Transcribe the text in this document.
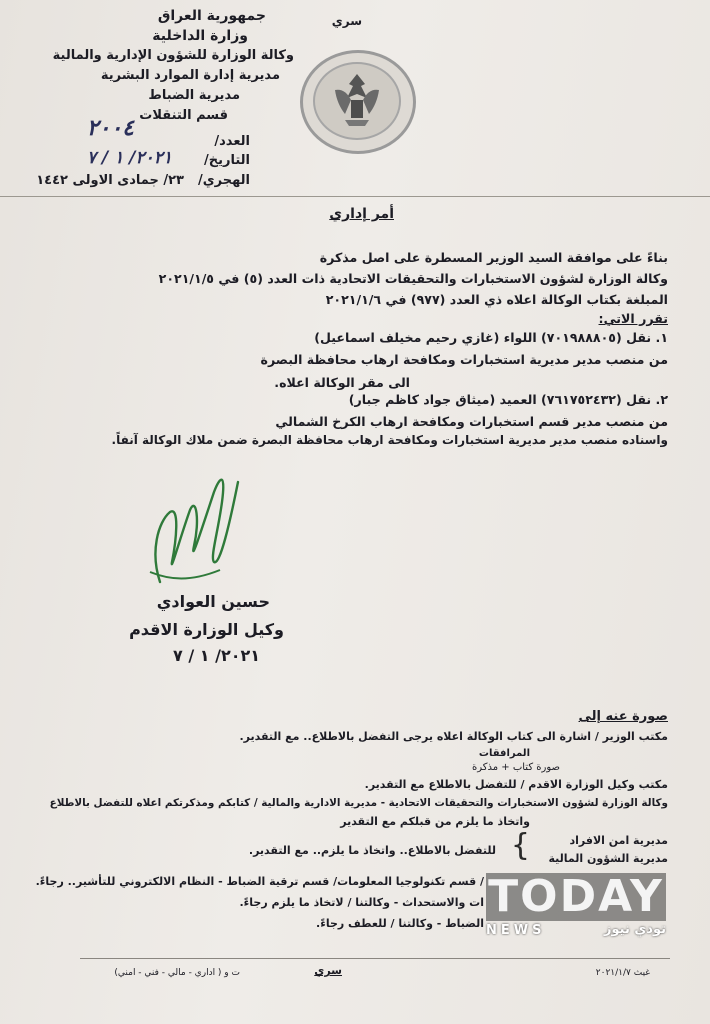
جمهورية العراق
وزارة الداخلية
وكالة الوزارة للشؤون الإدارية والمالية
مديرية إدارة الموارد البشرية
مديرية الضباط
قسم التنقلات
العدد/
٢٠٠٤
التاريخ/
٢٠٢١/ ١ / ٧
الهجري/
٢٣/ جمادى الاولى ١٤٤٢
سري
أمر إداري
بناءً على موافقة السيد الوزير المسطرة على اصل مذكرة
وكالة الوزارة لشؤون الاستخبارات والتحقيقات الاتحادية ذات العدد (٥) في ٢٠٢١/١/٥
المبلغة بكتاب الوكالة اعلاه ذي العدد (٩٧٧) في ٢٠٢١/١/٦
تقرر الاتي:
١. نقل (٧٠١٩٨٨٨٠٥) اللواء (غازي رحيم مخيلف اسماعيل)
من منصب مدير مديرية استخبارات ومكافحة ارهاب محافظة البصرة
الى مقر الوكالة اعلاه.
٢. نقل (٧٦١٧٥٢٤٣٢) العميد (ميثاق جواد كاظم جبار)
من منصب مدير قسم استخبارات ومكافحة ارهاب الكرخ الشمالي
واسناده منصب مدير مديرية استخبارات ومكافحة ارهاب محافظة البصرة ضمن ملاك الوكالة آنفاً.
حسين العوادي
وكيل الوزارة الاقدم
٢٠٢١/ ١ / ٧
صورة عنه إلى
مكتب الوزير / اشارة الى كتاب الوكالة اعلاه يرجى التفضل بالاطلاع.. مع التقدير.
المرافقات
صورة كتاب + مذكرة
مكتب وكيل الوزارة الاقدم / للتفضل بالاطلاع مع التقدير.
وكالة الوزارة لشؤون الاستخبارات والتحقيقات الاتحادية - مديرية الادارية والمالية / كتابكم ومذكرتكم اعلاه للتفضل بالاطلاع
واتخاذ ما يلزم من قبلكم مع التقدير
مديرية امن الافراد
مديرية الشؤون المالية
{
للتفضل بالاطلاع.. واتخاذ ما يلزم.. مع التقدير.
/ قسم تكنولوجيا المعلومات/ قسم ترقية الضباط - النظام الالكتروني للتأشير.. رجاءً.
ات والاستحداث - وكالتنا / لاتخاذ ما يلزم رجاءً.
الضباط - وكالتنا / للعطف رجاءً.
سري
ت و ( اداري - مالي - فني - امني)	غيث ٢٠٢١/١/٧
TODAY
NEWS	تودي نيوز
